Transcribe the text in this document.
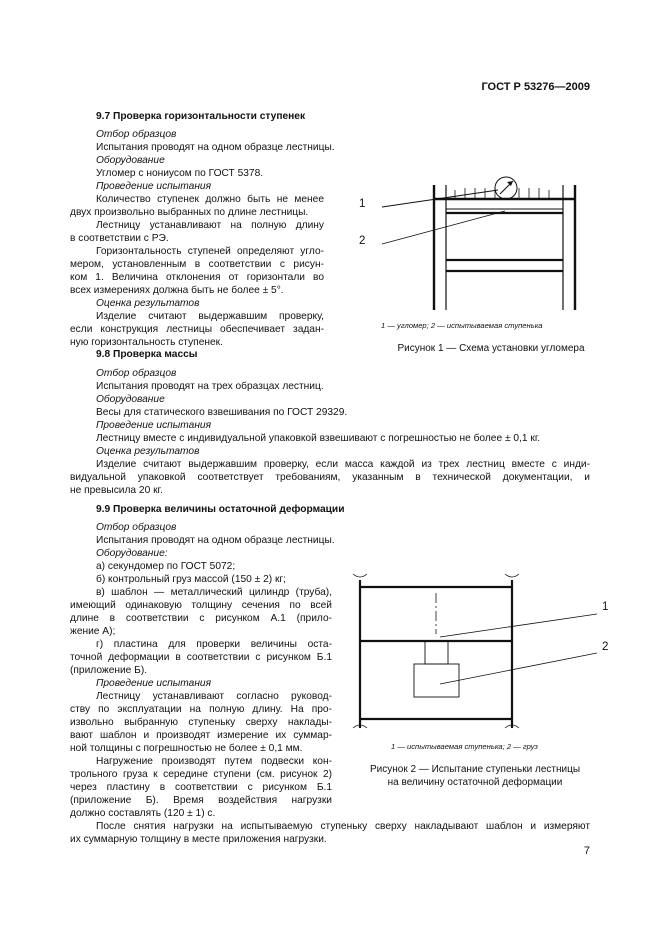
ГОСТ Р 53276—2009

9.7 Проверка горизонтальности ступенек

Отбор образцов

Испытания проводят на одном образце лестницы.

Оборудование

Угломер с нониусом по ГОСТ 5378.

Проведение испытания

Количество ступенек должно быть не менее

двух произвольно выбранных по длине лестницы.

Лестницу устанавливают на полную длину

в соответствии с РЭ.

Горизонтальность ступеней определяют угло-

мером, установленным в соответствии с рисун-

ком 1. Величина отклонения от горизонтали во

всех измерениях должна быть не более ± 5°.

Оценка результатов

Изделие считают выдержавшим проверку,

если конструкция лестницы обеспечивает задан-

ную горизонтальность ступенек.

1
2
1 — угломер; 2 — испытываемая ступенька
Рисунок 1 — Схема установки угломера

9.8 Проверка массы

Отбор образцов

Испытания проводят на трех образцах лестниц.

Оборудование

Весы для статического взвешивания по ГОСТ 29329.

Проведение испытания

Лестницу вместе с индивидуальной упаковкой взвешивают с погрешностью не более ± 0,1 кг.

Оценка результатов

Изделие считают выдержавшим проверку, если масса каждой из трех лестниц вместе с инди-

видуальной упаковкой соответствует требованиям, указанным в технической документации, и

не превысила 20 кг.

9.9 Проверка величины остаточной деформации

Отбор образцов

Испытания проводят на одном образце лестницы.

Оборудование:

а) секундомер по ГОСТ 5072;

б) контрольный груз массой (150 ± 2) кг;

в) шаблон — металлический цилиндр (труба),

имеющий одинаковую толщину сечения по всей

длине в соответствии с рисунком А.1 (прило-

жение А);

г) пластина для проверки величины оста-

точной деформации в соответствии с рисунком Б.1

(приложение Б).

Проведение испытания

Лестницу устанавливают согласно руковод-

ству по эксплуатации на полную длину. На про-

извольно выбранную ступеньку сверху наклады-

вают шаблон и производят измерение их суммар-

ной толщины с погрешностью не более ± 0,1 мм.

Нагружение производят путем подвески кон-

трольного груза к середине ступени (см. рисунок 2)

через пластину в соответствии с рисунком Б.1

(приложение Б). Время воздействия нагрузки

должно составлять (120 ± 1) с.

После снятия нагрузки на испытываемую ступеньку сверху накладывают шаблон и измеряют

их суммарную толщину в месте приложения нагрузки.

1
2
1 — испытываемая ступенька; 2 — груз
Рисунок 2 — Испытание ступеньки лестницы
на величину остаточной деформации
7
